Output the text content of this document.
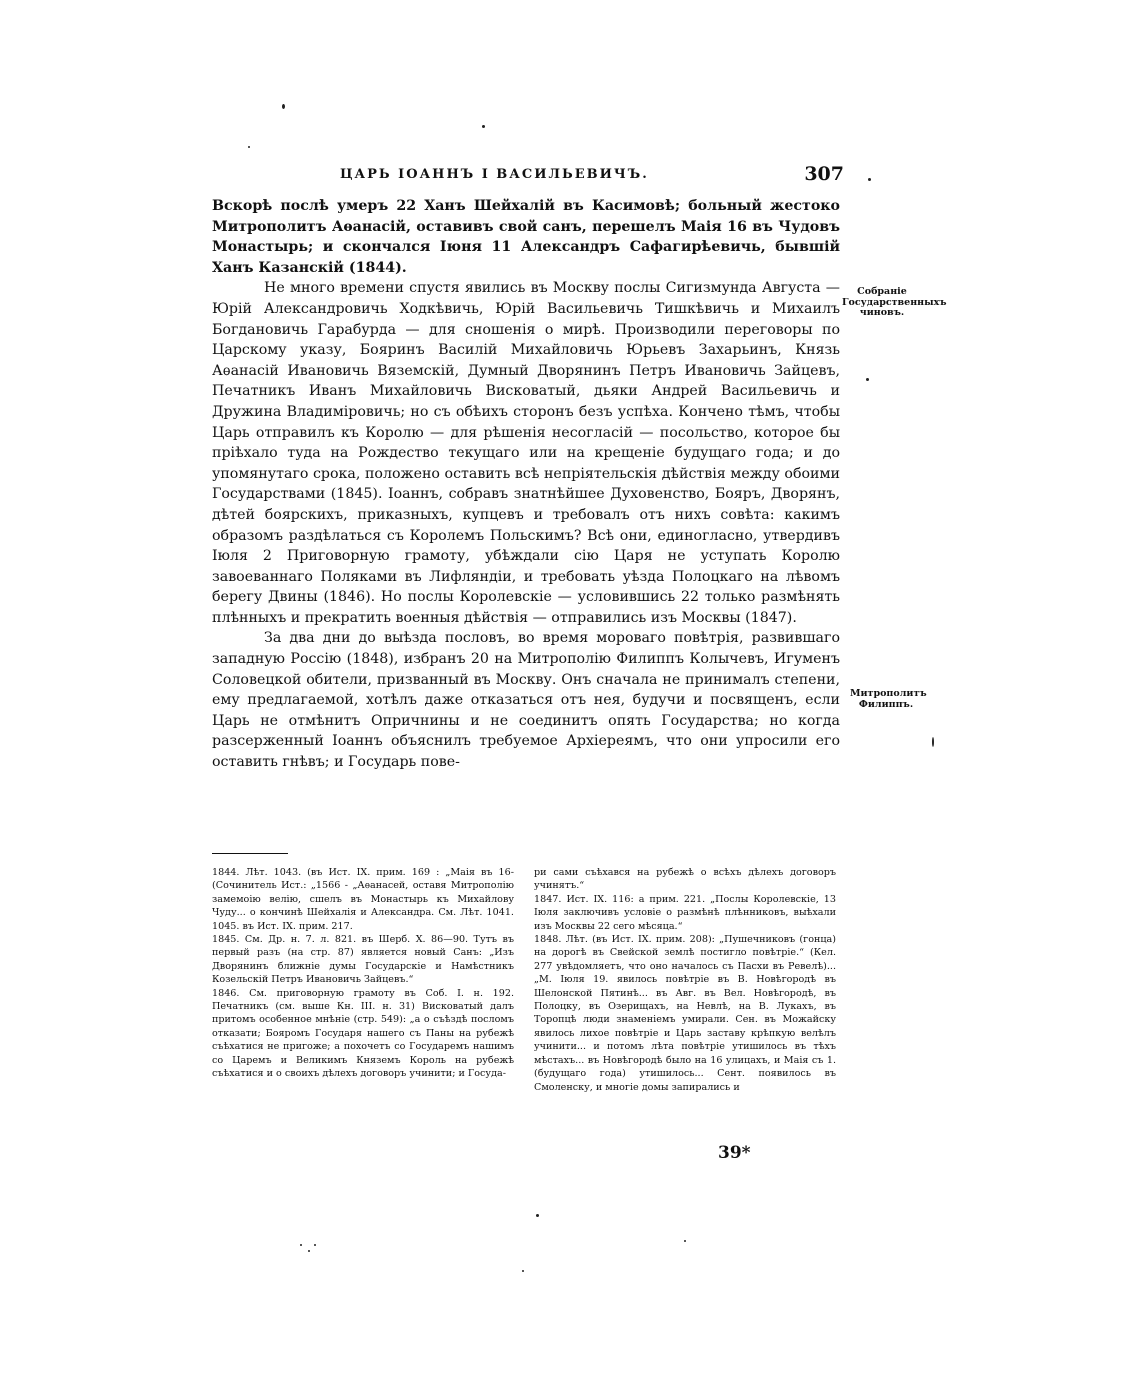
ЦАРЬ ІОАННЪ І ВАСИЛЬЕВИЧЪ.	307

Вскорѣ послѣ умеръ 22 Ханъ Шейхалій въ Касимовѣ; больный жестоко Митрополитъ Аѳанасій, оставивъ свой санъ, перешелъ Маія 16 въ Чудовъ Монастырь; и скончался Іюня 11 Александръ Сафагирѣевичь, бывшій Ханъ Казанскій (1844).

Не много времени спустя явились въ Москву послы Сигизмунда Августа — Юрій Александровичь Ходкѣвичь, Юрій Васильевичь Тишкѣвичь и Михаилъ Богдановичь Гарабурда — для сношенія о мирѣ. Производили переговоры по Царскому указу, Бояринъ Василій Михайловичь Юрьевъ Захарьинъ, Князь Аѳанасій Ивановичь Вяземскій, Думный Дворянинъ Петръ Ивановичь Зайцевъ, Печатникъ Иванъ Михайловичь Висковатый, дьяки Андрей Васильевичь и Дружина Владиміровичь; но съ обѣихъ сторонъ безъ успѣха. Кончено тѣмъ, чтобы Царь отправилъ къ Королю — для рѣшенія несогласій — посольство, которое бы пріѣхало туда на Рождество текущаго или на крещеніе будущаго года; и до упомянутаго срока, положено оставить всѣ непріятельскія дѣйствія между обоими Государствами (1845). Іоаннъ, собравъ знатнѣйшее Духовенство, Бояръ, Дворянъ, дѣтей боярскихъ, приказныхъ, купцевъ и требовалъ отъ нихъ совѣта: какимъ образомъ раздѣлаться съ Королемъ Польскимъ? Всѣ они, единогласно, утвердивъ Іюля 2 Приговорную грамоту, убѣждали сію Царя не уступать Королю завоеваннаго Поляками въ Лифляндіи, и требовать уѣзда Полоцкаго на лѣвомъ берегу Двины (1846). Но послы Королевскіе — условившись 22 только размѣнять плѣнныхъ и прекратить военныя дѣйствія — отправились изъ Москвы (1847).

За два дни до выѣзда пословъ, во время мороваго повѣтрія, развившаго западную Россію (1848), избранъ 20 на Митрополію Филиппъ Колычевъ, Игуменъ Соловецкой обители, призванный въ Москву. Онъ сначала не принималъ степени, ему предлагаемой, хотѣлъ даже отказаться отъ нея, будучи и посвященъ, если Царь не отмѣнитъ Опричнины и не соединитъ опять Государства; но когда разсерженный Іоаннъ объяснилъ требуемое Архіереямъ, что они упросили его оставить гнѣвъ; и Государь пове-

Собраніе Государственныхъ чиновъ.
Митрополитъ Филиппъ.

1844. Лѣт. 1043. (въ Ист. IX. прим. 169 : „Маія въ 16- (Сочинитель Ист.: „1566 - „Аѳанасей, оставя Митрополію замемоію велію, сшелъ въ Монастырь къ Михайлову Чуду... о кончинѣ Шейхалія и Александра. См. Лѣт. 1041. 1045. въ Ист. IX. прим. 217.

1845. См. Др. н. 7. л. 821. въ Шерб. X. 86—90. Тутъ въ первый разъ (на стр. 87) является новый Санъ: „Изъ Дворянинъ ближніе думы Государскіе и Намѣстникъ Козельскій Петръ Ивановичь Зайцевъ.“

1846. См. приговорную грамоту въ Соб. I. н. 192. Печатникъ (см. выше Кн. III. н. 31) Висковатый далъ притомъ особенное мнѣніе (стр. 549): „а о съѣздѣ посломъ отказати; Бояромъ Государя нашего съ Паны на рубежѣ съѣхатися не пригоже; а похочетъ со Государемъ нашимъ со Царемъ и Великимъ Княземъ Король на рубежѣ съѣхатися и о своихъ дѣлехъ договоръ учинити; и Госуда-

ри сами съѣхався на рубежѣ о всѣхъ дѣлехъ договоръ учинятъ.“

1847. Ист. IX. 116: а прим. 221. „Послы Королевскіе, 13 Іюля заключивъ условіе о размѣнѣ плѣнниковъ, выѣхали изъ Москвы 22 сего мѣсяца.“

1848. Лѣт. (въ Ист. IX. прим. 208): „Пушечниковъ (гонца) на дорогѣ въ Свейской землѣ постигло повѣтріе.“ (Кел. 277 увѣдомляетъ, что оно началось съ Пасхи въ Ревелѣ)... „М. Іюля 19. явилось повѣтріе въ В. Новѣгородѣ въ Шелонской Пятинѣ... въ Авг. въ Вел. Новѣгородѣ, въ Полоцку, въ Озерищахъ, на Невлѣ, на В. Лукахъ, въ Торопцѣ люди знаменіемъ умирали. Сен. въ Можайску явилось лихое повѣтріе и Царь заставу крѣпкую велѣлъ учинити... и потомъ лѣта повѣтріе утишилось въ тѣхъ мѣстахъ... въ Новѣгородѣ было на 16 улицахъ, и Маія съ 1. (будущаго года) утишилось... Сент. появилось въ Смоленску, и многіе домы запирались и

39*
